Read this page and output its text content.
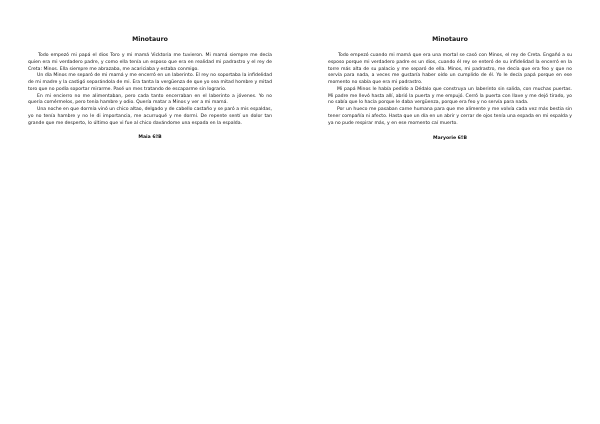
Minotauro

Todo empezó mi papá el dios Toro y mi mamá Vicktoria me tuvieron. Mi mamá siempre me decía quien era mi verdadero padre, y como ella tenía un esposo que era en realidad mi padrastro y el rey de Creta: Minos. Ella siempre me abrazaba, me acariciaba y estaba conmigo.

Un día Minos me separó de mi mamá y me encerró en un laberinto. El rey no soportaba la infidelidad de mi madre y la castigó separándola de mi. Era tanta la vergüenza de que yo sea mitad hombre y mitad toro que no podía soportar mirarme. Pasé un mes tratando de escaparme sin logrario.

En mi encierro no me alimentaban, pero cada tanto encerraban en el laberinto a jóvenes. Yo no quería comérmelos, pero tenía hambre y odio. Quería matar a Minos y ver a mi mamá.

Una noche en que dormía vinó un chico altao, delgado y de cabello castaño y se paró a mis espaldas, yo no tenía hambre y no le di importancia, me acurruqué y me dormí. De repente sentí un dolor tan grande que me desperto, lo último que vi fue al chico davándome una espada en la espalda.

Maia 6ºB
Minotauro

Todo empezó cuando mi mamá que era una mortal se casó con Minos, el rey de Creta. Engañó a su esposo porque mi verdadero padre es un dios, cuando él rey se enteró de su infidelidad la encerró en la torre más alta de su palacio y me separó de ella. Minos, mi padrastro, me decía que era feo y que no servía para nada, a veces me gustaría haber oído un cumplido de él. Yo le decía papá porque en ese momento no sabía que era mi padrastro.

Mi papá Minos le había pedido a Dédalo que construya un laberinto sin salida, con muchas puertas. Mi padre me llevó hasta allí, abrió la puerta y me empujó. Cerró la puerta con llave y me dejó tirado, yo no sabía que lo hacía porque le daba vergüenza, porque era feo y no servía para nada.

Por un hueco me pasaban carne humana para que me alimente y me volvía cada vez más bestia sin tener compañía ni afecto. Hasta que un día en un abrir y cerrar de ojos tenía una espada en mi espalda y ya no pude respirar más, y en ese momento caí muerto.

Maryorie 6ºB
